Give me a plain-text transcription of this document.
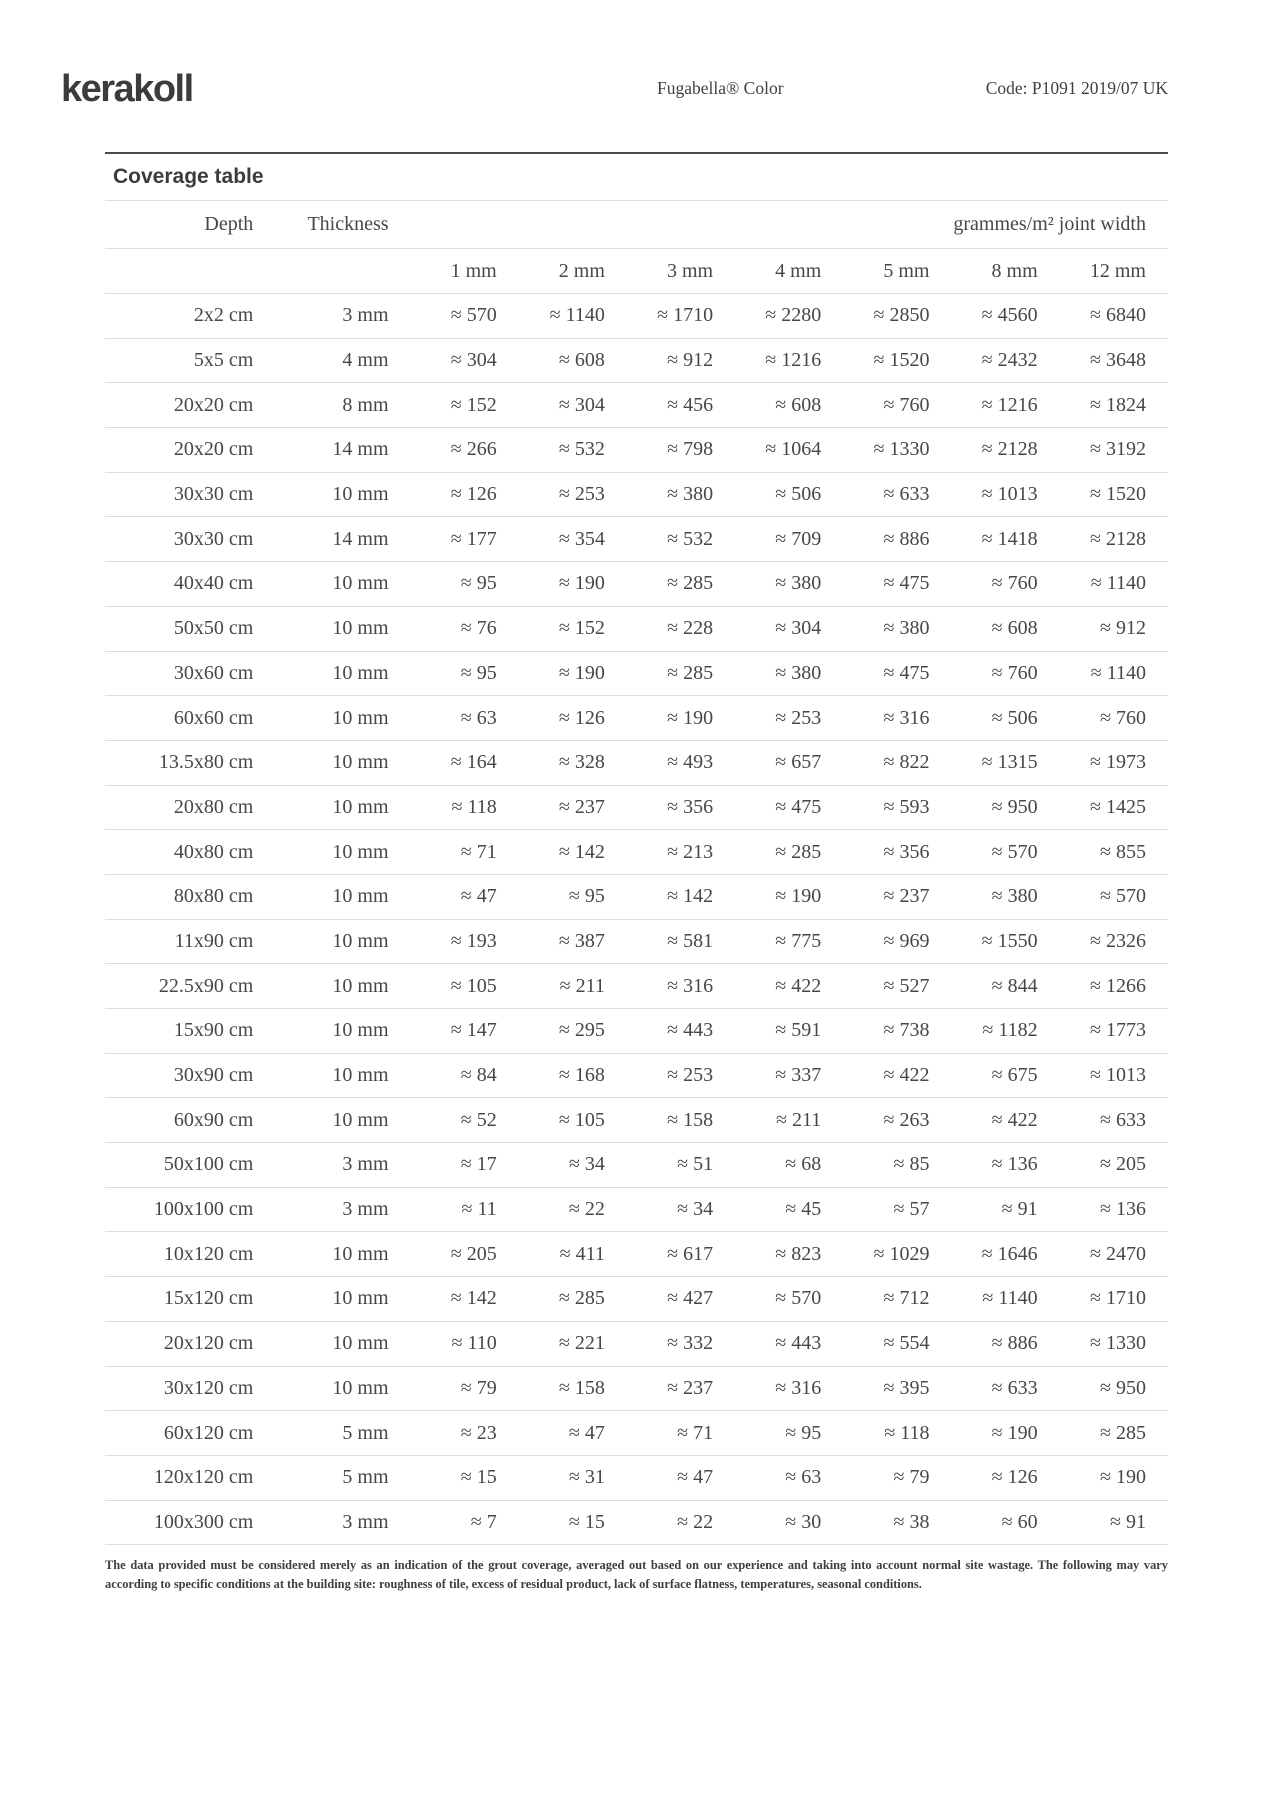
kerakoll	Fugabella® Color	Code: P1091 2019/07 UK
Coverage table
Depth	Thickness	grammes/m² joint width						
		1 mm	2 mm	3 mm	4 mm	5 mm	8 mm	12 mm
2x2 cm	3 mm	≈ 570	≈ 1140	≈ 1710	≈ 2280	≈ 2850	≈ 4560	≈ 6840
5x5 cm	4 mm	≈ 304	≈ 608	≈ 912	≈ 1216	≈ 1520	≈ 2432	≈ 3648
20x20 cm	8 mm	≈ 152	≈ 304	≈ 456	≈ 608	≈ 760	≈ 1216	≈ 1824
20x20 cm	14 mm	≈ 266	≈ 532	≈ 798	≈ 1064	≈ 1330	≈ 2128	≈ 3192
30x30 cm	10 mm	≈ 126	≈ 253	≈ 380	≈ 506	≈ 633	≈ 1013	≈ 1520
30x30 cm	14 mm	≈ 177	≈ 354	≈ 532	≈ 709	≈ 886	≈ 1418	≈ 2128
40x40 cm	10 mm	≈ 95	≈ 190	≈ 285	≈ 380	≈ 475	≈ 760	≈ 1140
50x50 cm	10 mm	≈ 76	≈ 152	≈ 228	≈ 304	≈ 380	≈ 608	≈ 912
30x60 cm	10 mm	≈ 95	≈ 190	≈ 285	≈ 380	≈ 475	≈ 760	≈ 1140
60x60 cm	10 mm	≈ 63	≈ 126	≈ 190	≈ 253	≈ 316	≈ 506	≈ 760
13.5x80 cm	10 mm	≈ 164	≈ 328	≈ 493	≈ 657	≈ 822	≈ 1315	≈ 1973
20x80 cm	10 mm	≈ 118	≈ 237	≈ 356	≈ 475	≈ 593	≈ 950	≈ 1425
40x80 cm	10 mm	≈ 71	≈ 142	≈ 213	≈ 285	≈ 356	≈ 570	≈ 855
80x80 cm	10 mm	≈ 47	≈ 95	≈ 142	≈ 190	≈ 237	≈ 380	≈ 570
11x90 cm	10 mm	≈ 193	≈ 387	≈ 581	≈ 775	≈ 969	≈ 1550	≈ 2326
22.5x90 cm	10 mm	≈ 105	≈ 211	≈ 316	≈ 422	≈ 527	≈ 844	≈ 1266
15x90 cm	10 mm	≈ 147	≈ 295	≈ 443	≈ 591	≈ 738	≈ 1182	≈ 1773
30x90 cm	10 mm	≈ 84	≈ 168	≈ 253	≈ 337	≈ 422	≈ 675	≈ 1013
60x90 cm	10 mm	≈ 52	≈ 105	≈ 158	≈ 211	≈ 263	≈ 422	≈ 633
50x100 cm	3 mm	≈ 17	≈ 34	≈ 51	≈ 68	≈ 85	≈ 136	≈ 205
100x100 cm	3 mm	≈ 11	≈ 22	≈ 34	≈ 45	≈ 57	≈ 91	≈ 136
10x120 cm	10 mm	≈ 205	≈ 411	≈ 617	≈ 823	≈ 1029	≈ 1646	≈ 2470
15x120 cm	10 mm	≈ 142	≈ 285	≈ 427	≈ 570	≈ 712	≈ 1140	≈ 1710
20x120 cm	10 mm	≈ 110	≈ 221	≈ 332	≈ 443	≈ 554	≈ 886	≈ 1330
30x120 cm	10 mm	≈ 79	≈ 158	≈ 237	≈ 316	≈ 395	≈ 633	≈ 950
60x120 cm	5 mm	≈ 23	≈ 47	≈ 71	≈ 95	≈ 118	≈ 190	≈ 285
120x120 cm	5 mm	≈ 15	≈ 31	≈ 47	≈ 63	≈ 79	≈ 126	≈ 190
100x300 cm	3 mm	≈ 7	≈ 15	≈ 22	≈ 30	≈ 38	≈ 60	≈ 91

The data provided must be considered merely as an indication of the grout coverage, averaged out based on our experience and taking into account normal site wastage. The following may vary according to specific conditions at the building site: roughness of tile, excess of residual product, lack of surface flatness, temperatures, seasonal conditions.
